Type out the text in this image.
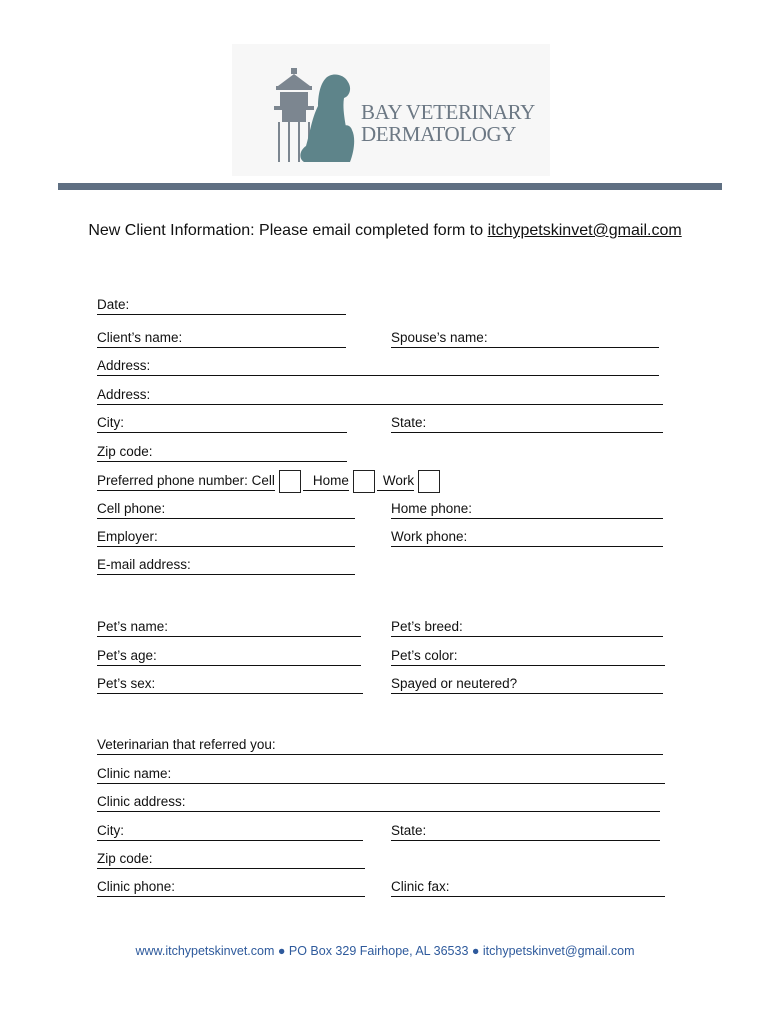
BAY VETERINARY
DERMATOLOGY
New Client Information: Please email completed form to itchypetskinvet@gmail.com
Date:
Client’s name:	Spouse’s name:
Address:
Address:
City:	State:
Zip code:
Preferred phone number: Cell	Home	Work
Cell phone:	Home phone:
Employer:	Work phone:
E-mail address:
Pet’s name:	Pet’s breed:
Pet’s age:	Pet’s color:
Pet’s sex:	Spayed or neutered?
Veterinarian that referred you:
Clinic name:
Clinic address:
City:	State:
Zip code:
Clinic phone:	Clinic fax:
www.itchypetskinvet.com ● PO Box 329 Fairhope, AL 36533 ● itchypetskinvet@gmail.com
